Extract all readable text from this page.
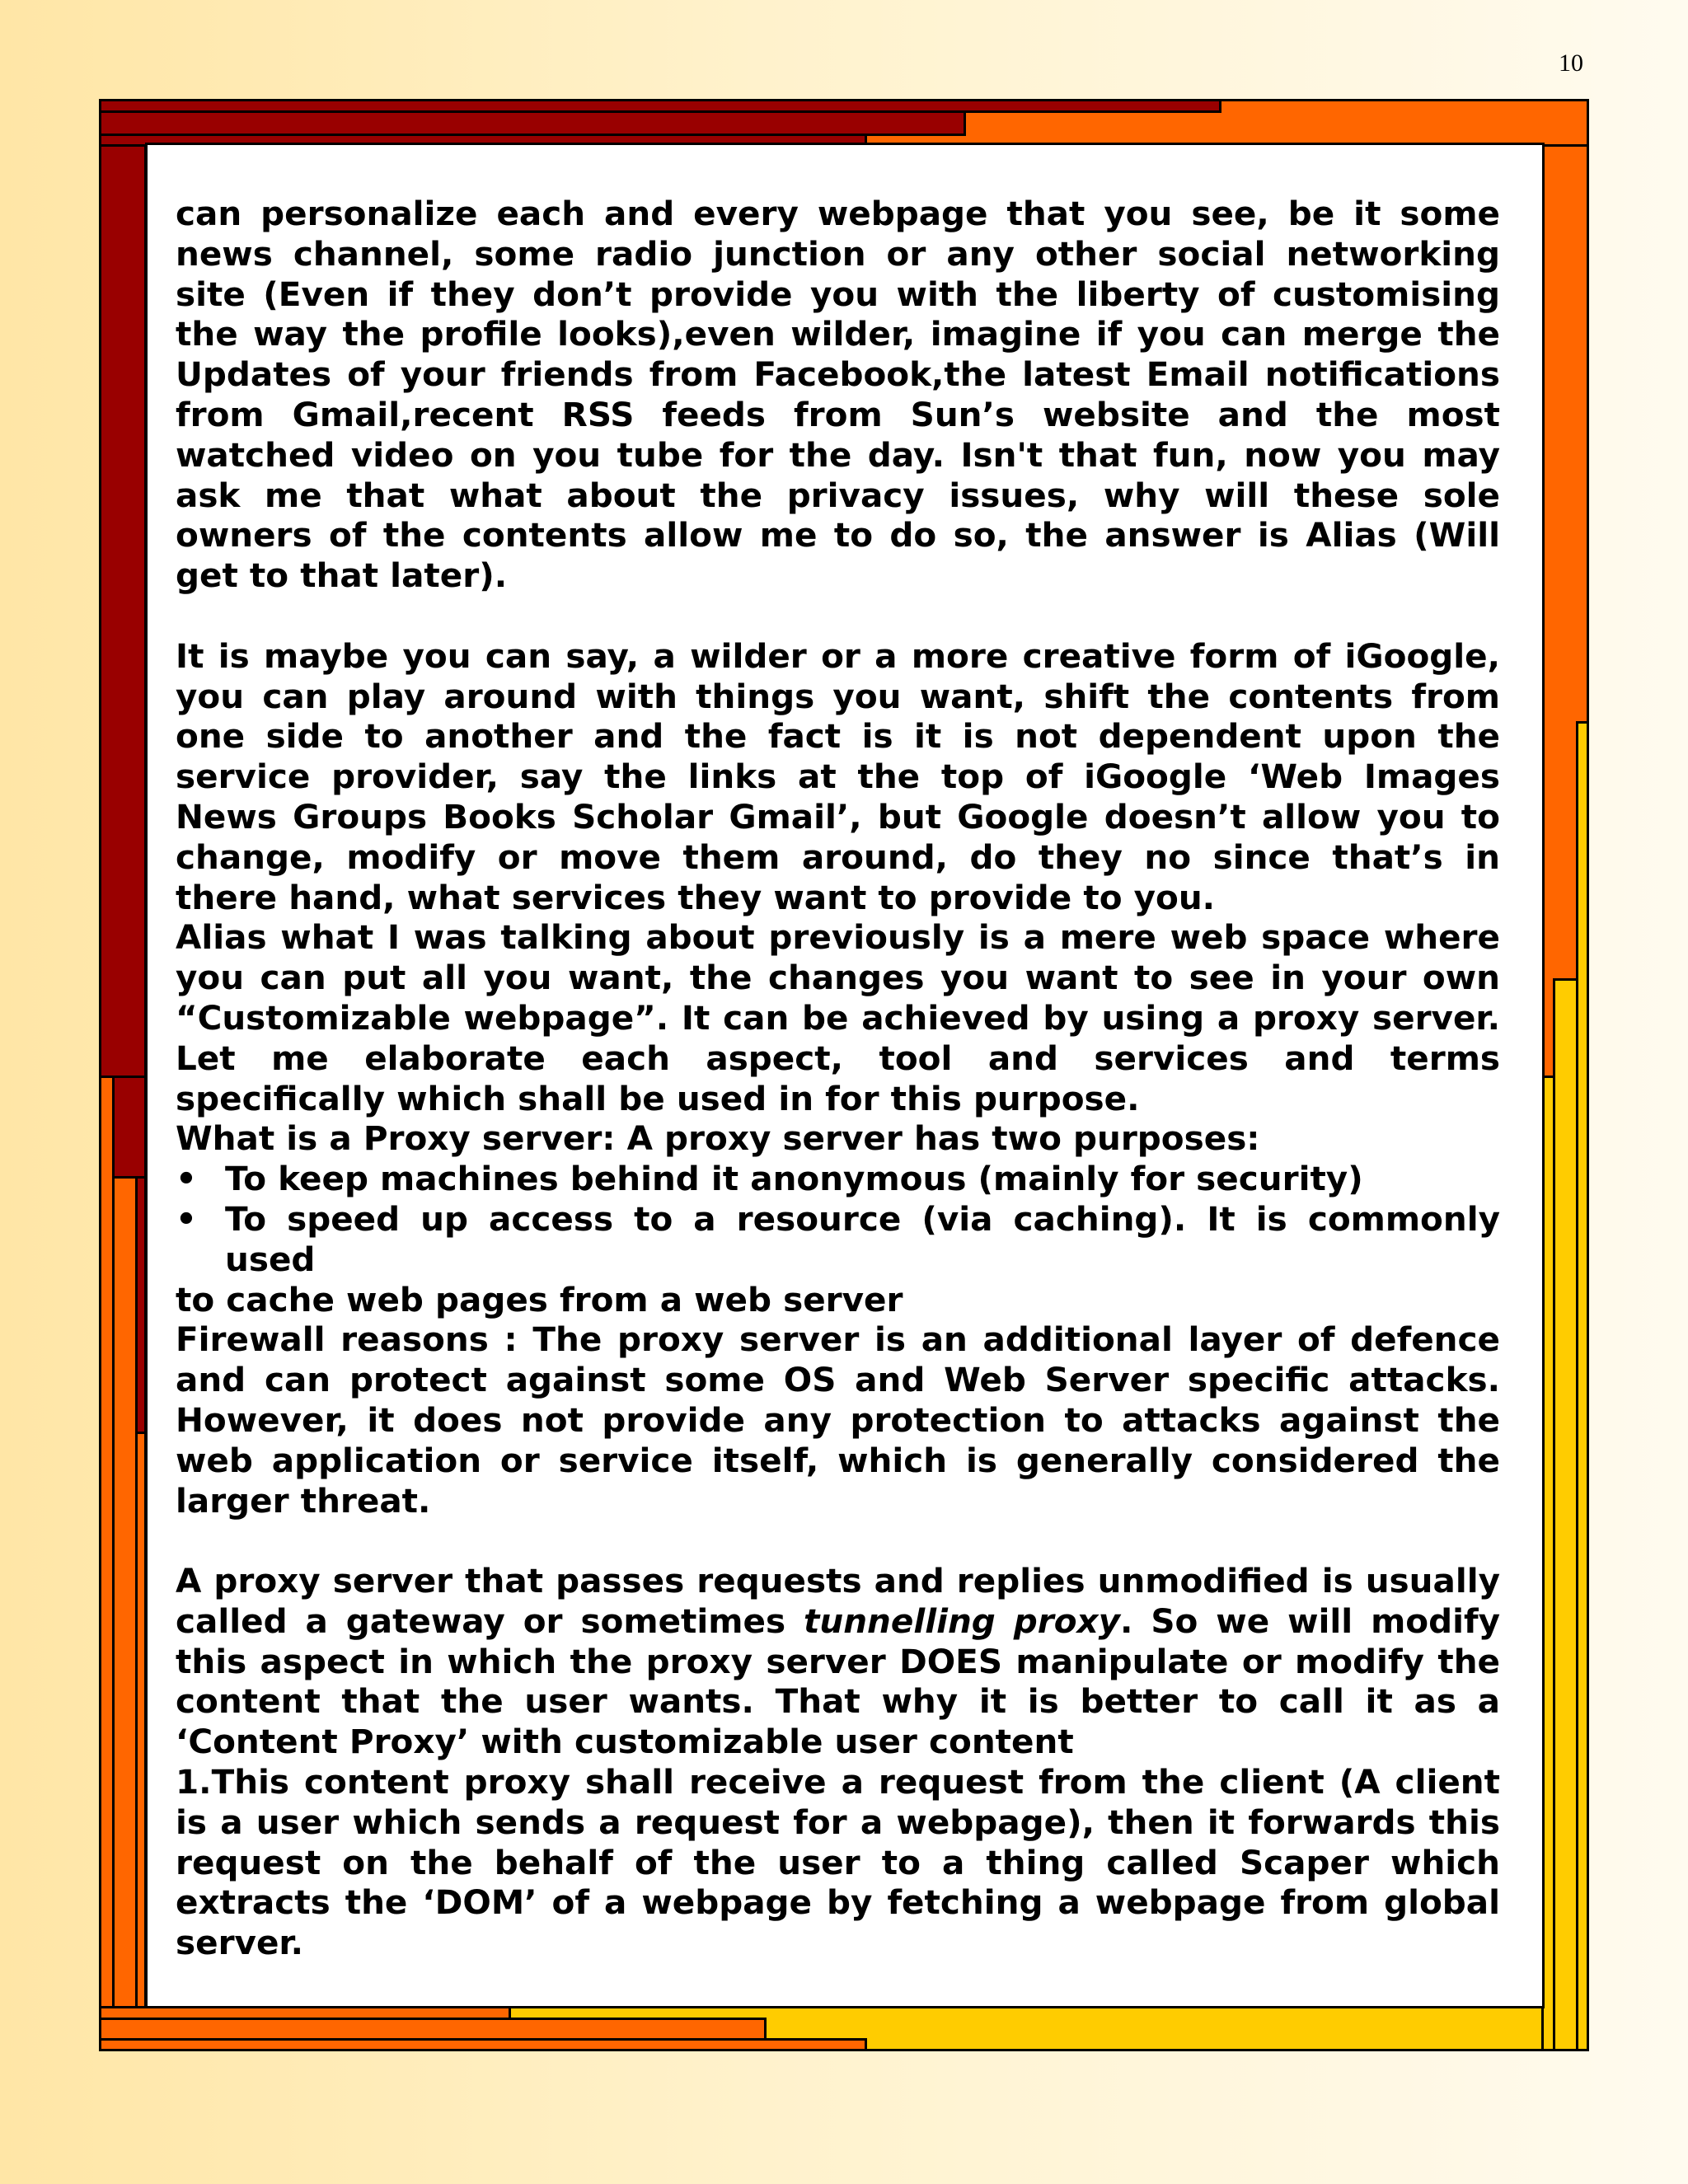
10

can personalize each and every webpage that you see, be it some news channel, some radio junction or any other social networking site (Even if they don’t provide you with the liberty of customising the way the profile looks),even wilder, imagine if you can merge the Updates of your friends from Facebook,the latest Email notifications from Gmail,recent RSS feeds from Sun’s website and the most watched video on you tube for the day. Isn't that fun, now you may ask me that what about the privacy issues, why will these sole owners of the contents allow me to do so, the answer is Alias (Will get to that later).

It is maybe you can say, a wilder or a more creative form of iGoogle, you can play around with things you want, shift the contents from one side to another and the fact is it is not dependent upon the service provider, say the links at the top of iGoogle ‘Web Images News Groups Books Scholar Gmail’, but Google doesn’t allow you to change, modify or move them around, do they no since that’s in there hand, what services they want to provide to you.

Alias what I was talking about previously is a mere web space where you can put all you want, the changes you want to see in your own “Customizable webpage”. It can be achieved by using a proxy server. Let me elaborate each aspect, tool and services and terms specifically which shall be used in for this purpose.

What is a Proxy server: A proxy server has two purposes:

• To keep machines behind it anonymous (mainly for security)
• To speed up access to a resource (via caching). It is commonly used

to cache web pages from a web server

Firewall reasons : The proxy server is an additional layer of defence and can protect against some OS and Web Server specific attacks. However, it does not provide any protection to attacks against the web application or service itself, which is generally considered the larger threat.

A proxy server that passes requests and replies unmodified is usually called a gateway or sometimes tunnelling proxy. So we will modify this aspect in which the proxy server DOES manipulate or modify the content that the user wants. That why it is better to call it as a ‘Content Proxy’ with customizable user content

1.This content proxy shall receive a request from the client (A client is a user which sends a request for a webpage), then it forwards this request on the behalf of the user to a thing called Scaper which extracts the ‘DOM’ of a webpage by fetching a webpage from global server.
